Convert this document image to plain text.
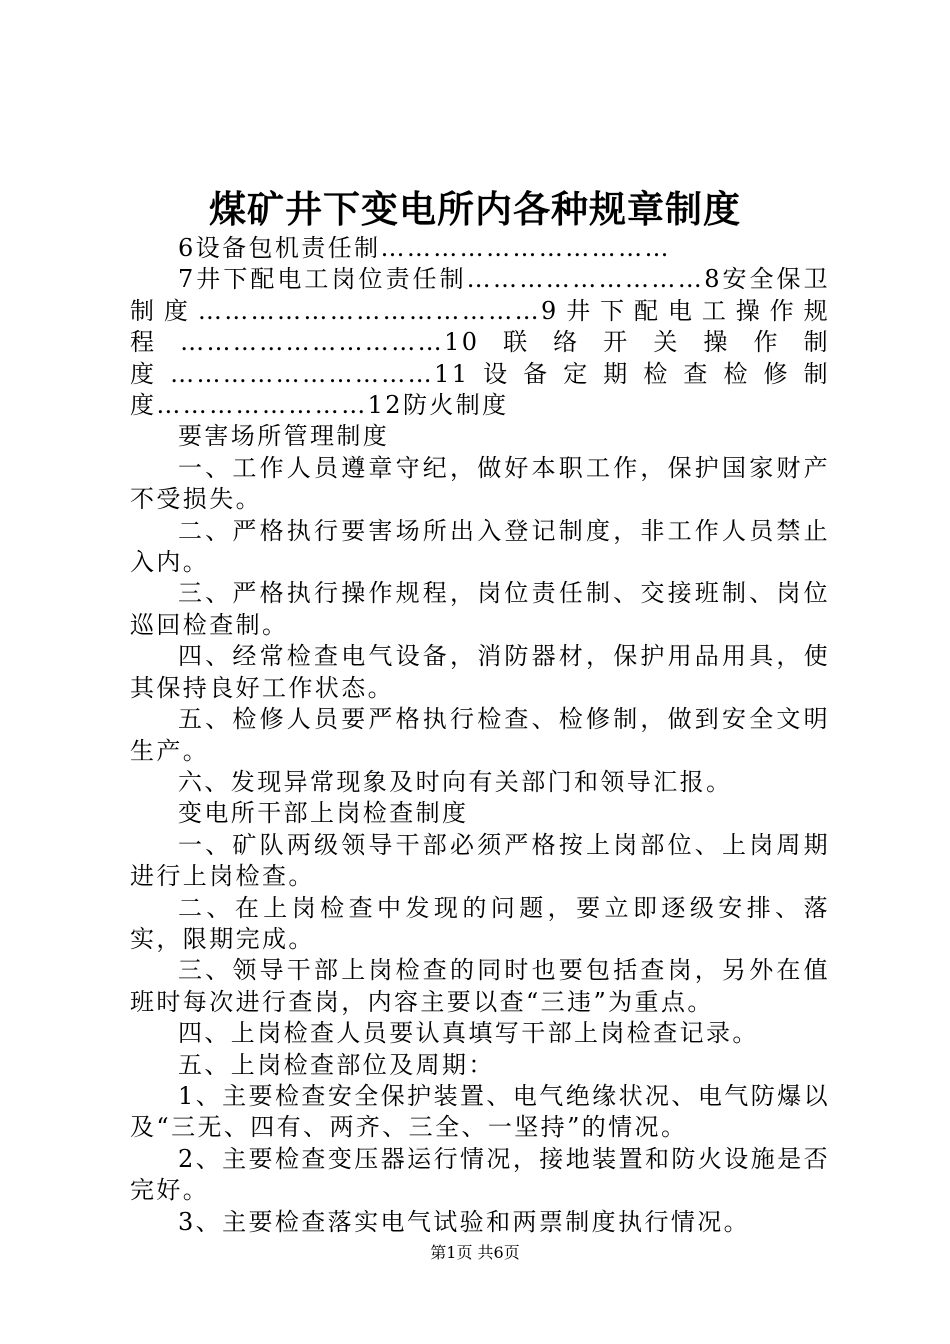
煤矿井下变电所内各种规章制度

6设备包机责任制……………………………

7井下配电工岗位责任制………………………8安全保卫制度…………………………………9井下配电工操作规程…………………………10联络开关操作制度…………………………11设备定期检查检修制度……………………12防火制度

要害场所管理制度

一、工作人员遵章守纪，做好本职工作，保护国家财产不受损失。

二、严格执行要害场所出入登记制度，非工作人员禁止入内。

三、严格执行操作规程，岗位责任制、交接班制、岗位巡回检查制。

四、经常检查电气设备，消防器材，保护用品用具，使其保持良好工作状态。

五、检修人员要严格执行检查、检修制，做到安全文明生产。

六、发现异常现象及时向有关部门和领导汇报。

变电所干部上岗检查制度

一、矿队两级领导干部必须严格按上岗部位、上岗周期进行上岗检查。

二、在上岗检查中发现的问题，要立即逐级安排、落实，限期完成。

三、领导干部上岗检查的同时也要包括查岗，另外在值班时每次进行查岗，内容主要以查“三违”为重点。

四、上岗检查人员要认真填写干部上岗检查记录。

五、上岗检查部位及周期：

1、主要检查安全保护装置、电气绝缘状况、电气防爆以及“三无、四有、两齐、三全、一坚持”的情况。

2、主要检查变压器运行情况，接地装置和防火设施是否完好。

3、主要检查落实电气试验和两票制度执行情况。

第1页 共6页
